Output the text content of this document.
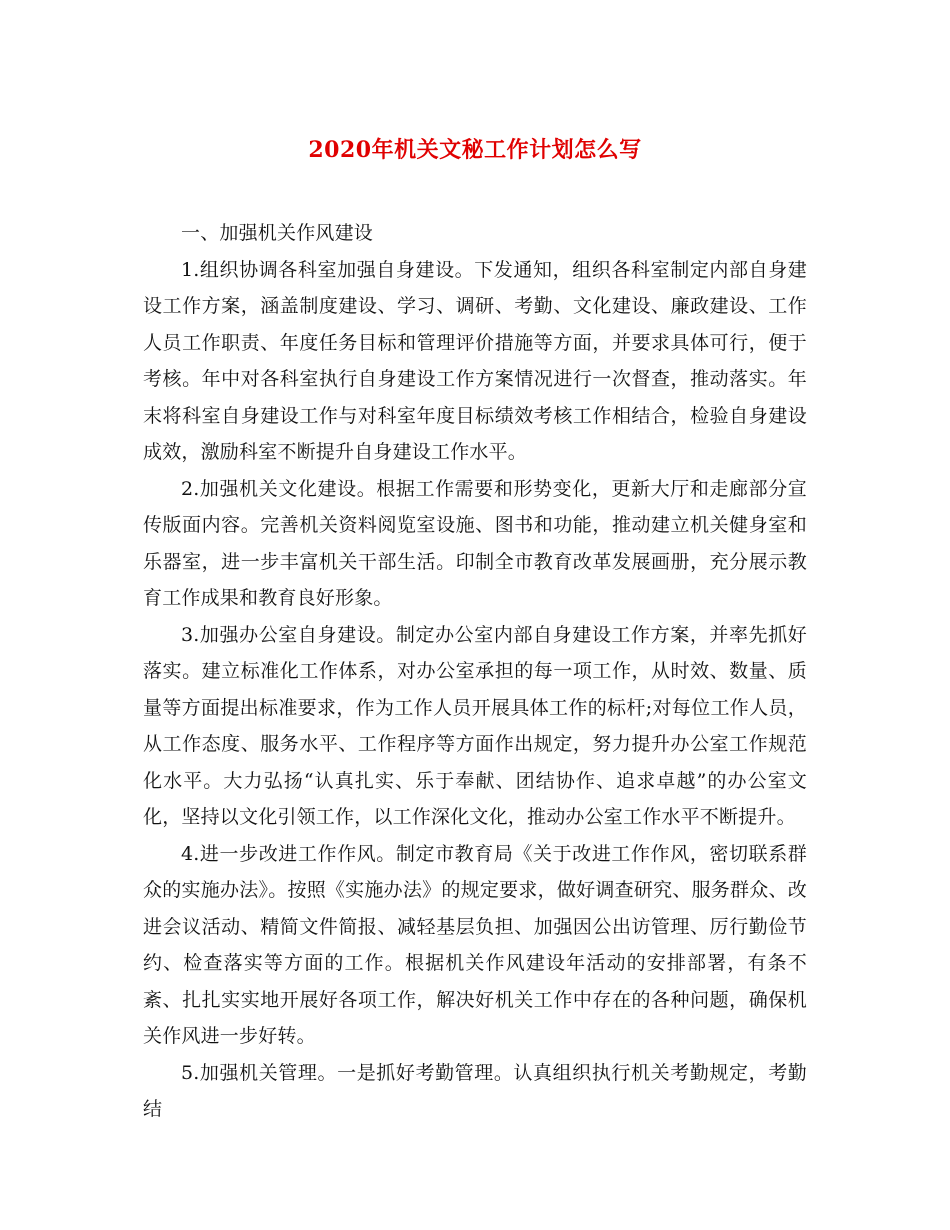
2020年机关文秘工作计划怎么写

一、加强机关作风建设

1.组织协调各科室加强自身建设。下发通知，组织各科室制定内部自身建设工作方案，涵盖制度建设、学习、调研、考勤、文化建设、廉政建设、工作人员工作职责、年度任务目标和管理评价措施等方面，并要求具体可行，便于考核。年中对各科室执行自身建设工作方案情况进行一次督查，推动落实。年末将科室自身建设工作与对科室年度目标绩效考核工作相结合，检验自身建设成效，激励科室不断提升自身建设工作水平。

2.加强机关文化建设。根据工作需要和形势变化，更新大厅和走廊部分宣传版面内容。完善机关资料阅览室设施、图书和功能，推动建立机关健身室和乐器室，进一步丰富机关干部生活。印制全市教育改革发展画册，充分展示教育工作成果和教育良好形象。

3.加强办公室自身建设。制定办公室内部自身建设工作方案，并率先抓好落实。建立标准化工作体系，对办公室承担的每一项工作，从时效、数量、质量等方面提出标准要求，作为工作人员开展具体工作的标杆;对每位工作人员，从工作态度、服务水平、工作程序等方面作出规定，努力提升办公室工作规范化水平。大力弘扬“认真扎实、乐于奉献、团结协作、追求卓越”的办公室文化，坚持以文化引领工作，以工作深化文化，推动办公室工作水平不断提升。

4.进一步改进工作作风。制定市教育局《关于改进工作作风，密切联系群众的实施办法》。按照《实施办法》的规定要求，做好调查研究、服务群众、改进会议活动、精简文件简报、减轻基层负担、加强因公出访管理、厉行勤俭节约、检查落实等方面的工作。根据机关作风建设年活动的安排部署，有条不紊、扎扎实实地开展好各项工作，解决好机关工作中存在的各种问题，确保机关作风进一步好转。

5.加强机关管理。一是抓好考勤管理。认真组织执行机关考勤规定，考勤结
